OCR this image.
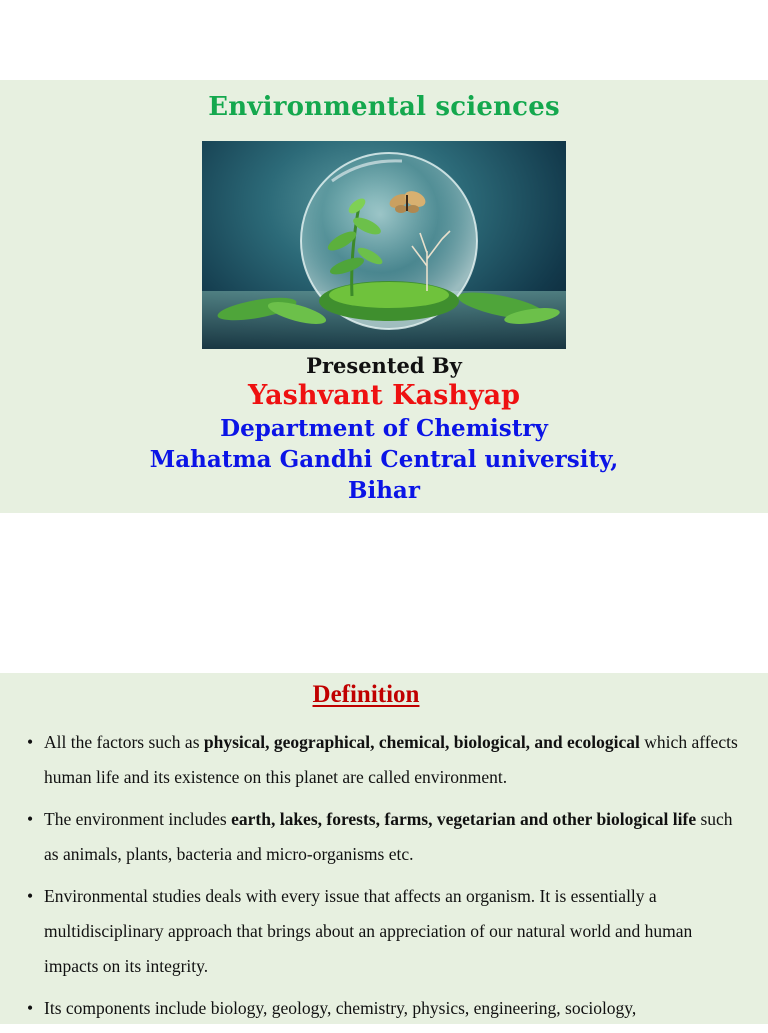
Environmental sciences
Presented By
Yashvant Kashyap
Department of Chemistry
Mahatma Gandhi Central university,
Bihar
Definition
• All the factors such as physical, geographical, chemical, biological, and ecological which affects human life and its existence on this planet are called environment.
• The environment includes earth, lakes, forests, farms, vegetarian and other biological life such as animals, plants, bacteria and micro-organisms etc.
• Environmental studies deals with every issue that affects an organism. It is essentially a multidisciplinary approach that brings about an appreciation of our natural world and human impacts on its integrity.
• Its components include biology, geology, chemistry, physics, engineering, sociology,
